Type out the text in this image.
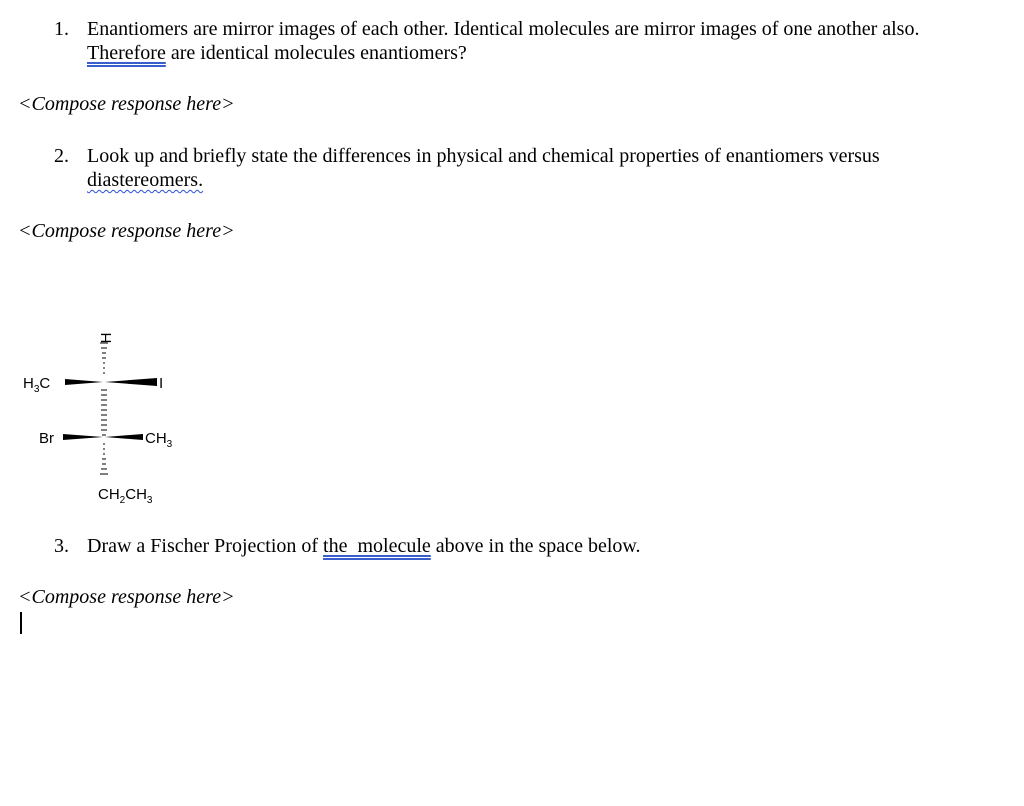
1. Enantiomers are mirror images of each other. Identical molecules are mirror images of one another also. Therefore are identical molecules enantiomers?
<Compose response here>
2. Look up and briefly state the differences in physical and chemical properties of enantiomers versus diastereomers.
<Compose response here>
H
$H_3C$	I
Br	$CH_3$
$CH_2CH_3$
3. Draw a Fischer Projection of the  molecule above in the space below.
<Compose response here>
